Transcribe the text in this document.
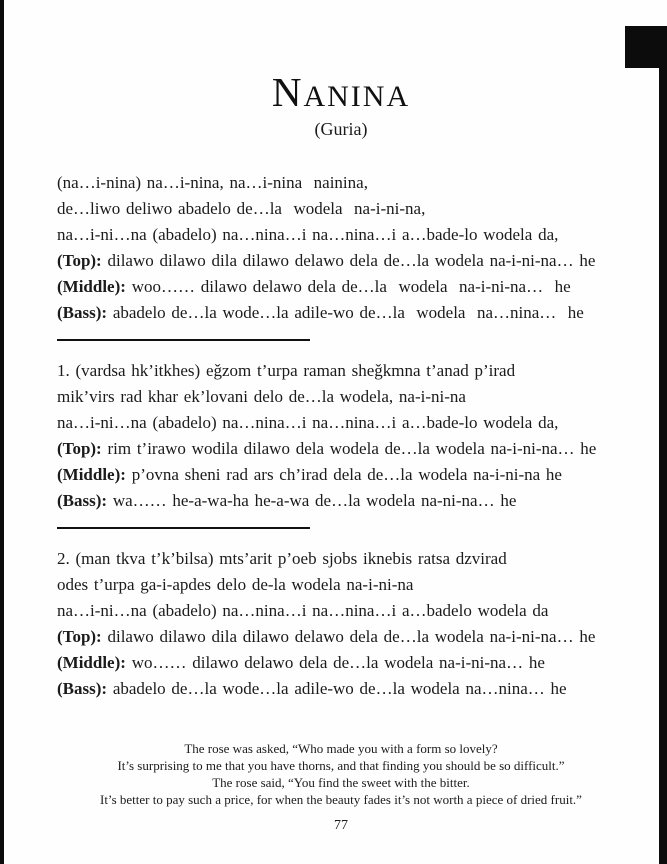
NANINA
(Guria)
(na…i-nina) na…i-nina, na…i-nina  nainina,
de…liwo deliwo abadelo de…la  wodela  na-i-ni-na,
na…i-ni…na (abadelo) na…nina…i na…nina…i a…bade-lo wodela da,
(Top): dilawo dilawo dila dilawo delawo dela de…la wodela na-i-ni-na… he
(Middle): woo…… dilawo delawo dela de…la  wodela  na-i-ni-na…  he
(Bass): abadelo de…la wode…la adile-wo de…la  wodela  na…nina…  he
1. (vardsa hk’itkhes) eǧzom t’urpa raman sheǧkmna t’anad p’irad
mik’virs rad khar ek’lovani delo de…la wodela, na-i-ni-na
na…i-ni…na (abadelo) na…nina…i na…nina…i a…bade-lo wodela da,
(Top): rim t’irawo wodila dilawo dela wodela de…la wodela na-i-ni-na… he
(Middle): p’ovna sheni rad ars ch’irad dela de…la wodela na-i-ni-na he
(Bass): wa…… he-a-wa-ha he-a-wa de…la wodela na-ni-na… he
2. (man tkva t’k’bilsa) mts’arit p’oeb sjobs iknebis ratsa dzvirad
odes t’urpa ga-i-apdes delo de-la wodela na-i-ni-na
na…i-ni…na (abadelo) na…nina…i na…nina…i a…badelo wodela da
(Top): dilawo dilawo dila dilawo delawo dela de…la wodela na-i-ni-na… he
(Middle): wo…… dilawo delawo dela de…la wodela na-i-ni-na… he
(Bass): abadelo de…la wode…la adile-wo de…la wodela na…nina… he
The rose was asked, “Who made you with a form so lovely?
It’s surprising to me that you have thorns, and that finding you should be so difficult.”
The rose said, “You find the sweet with the bitter.
It’s better to pay such a price, for when the beauty fades it’s not worth a piece of dried fruit.”
77
